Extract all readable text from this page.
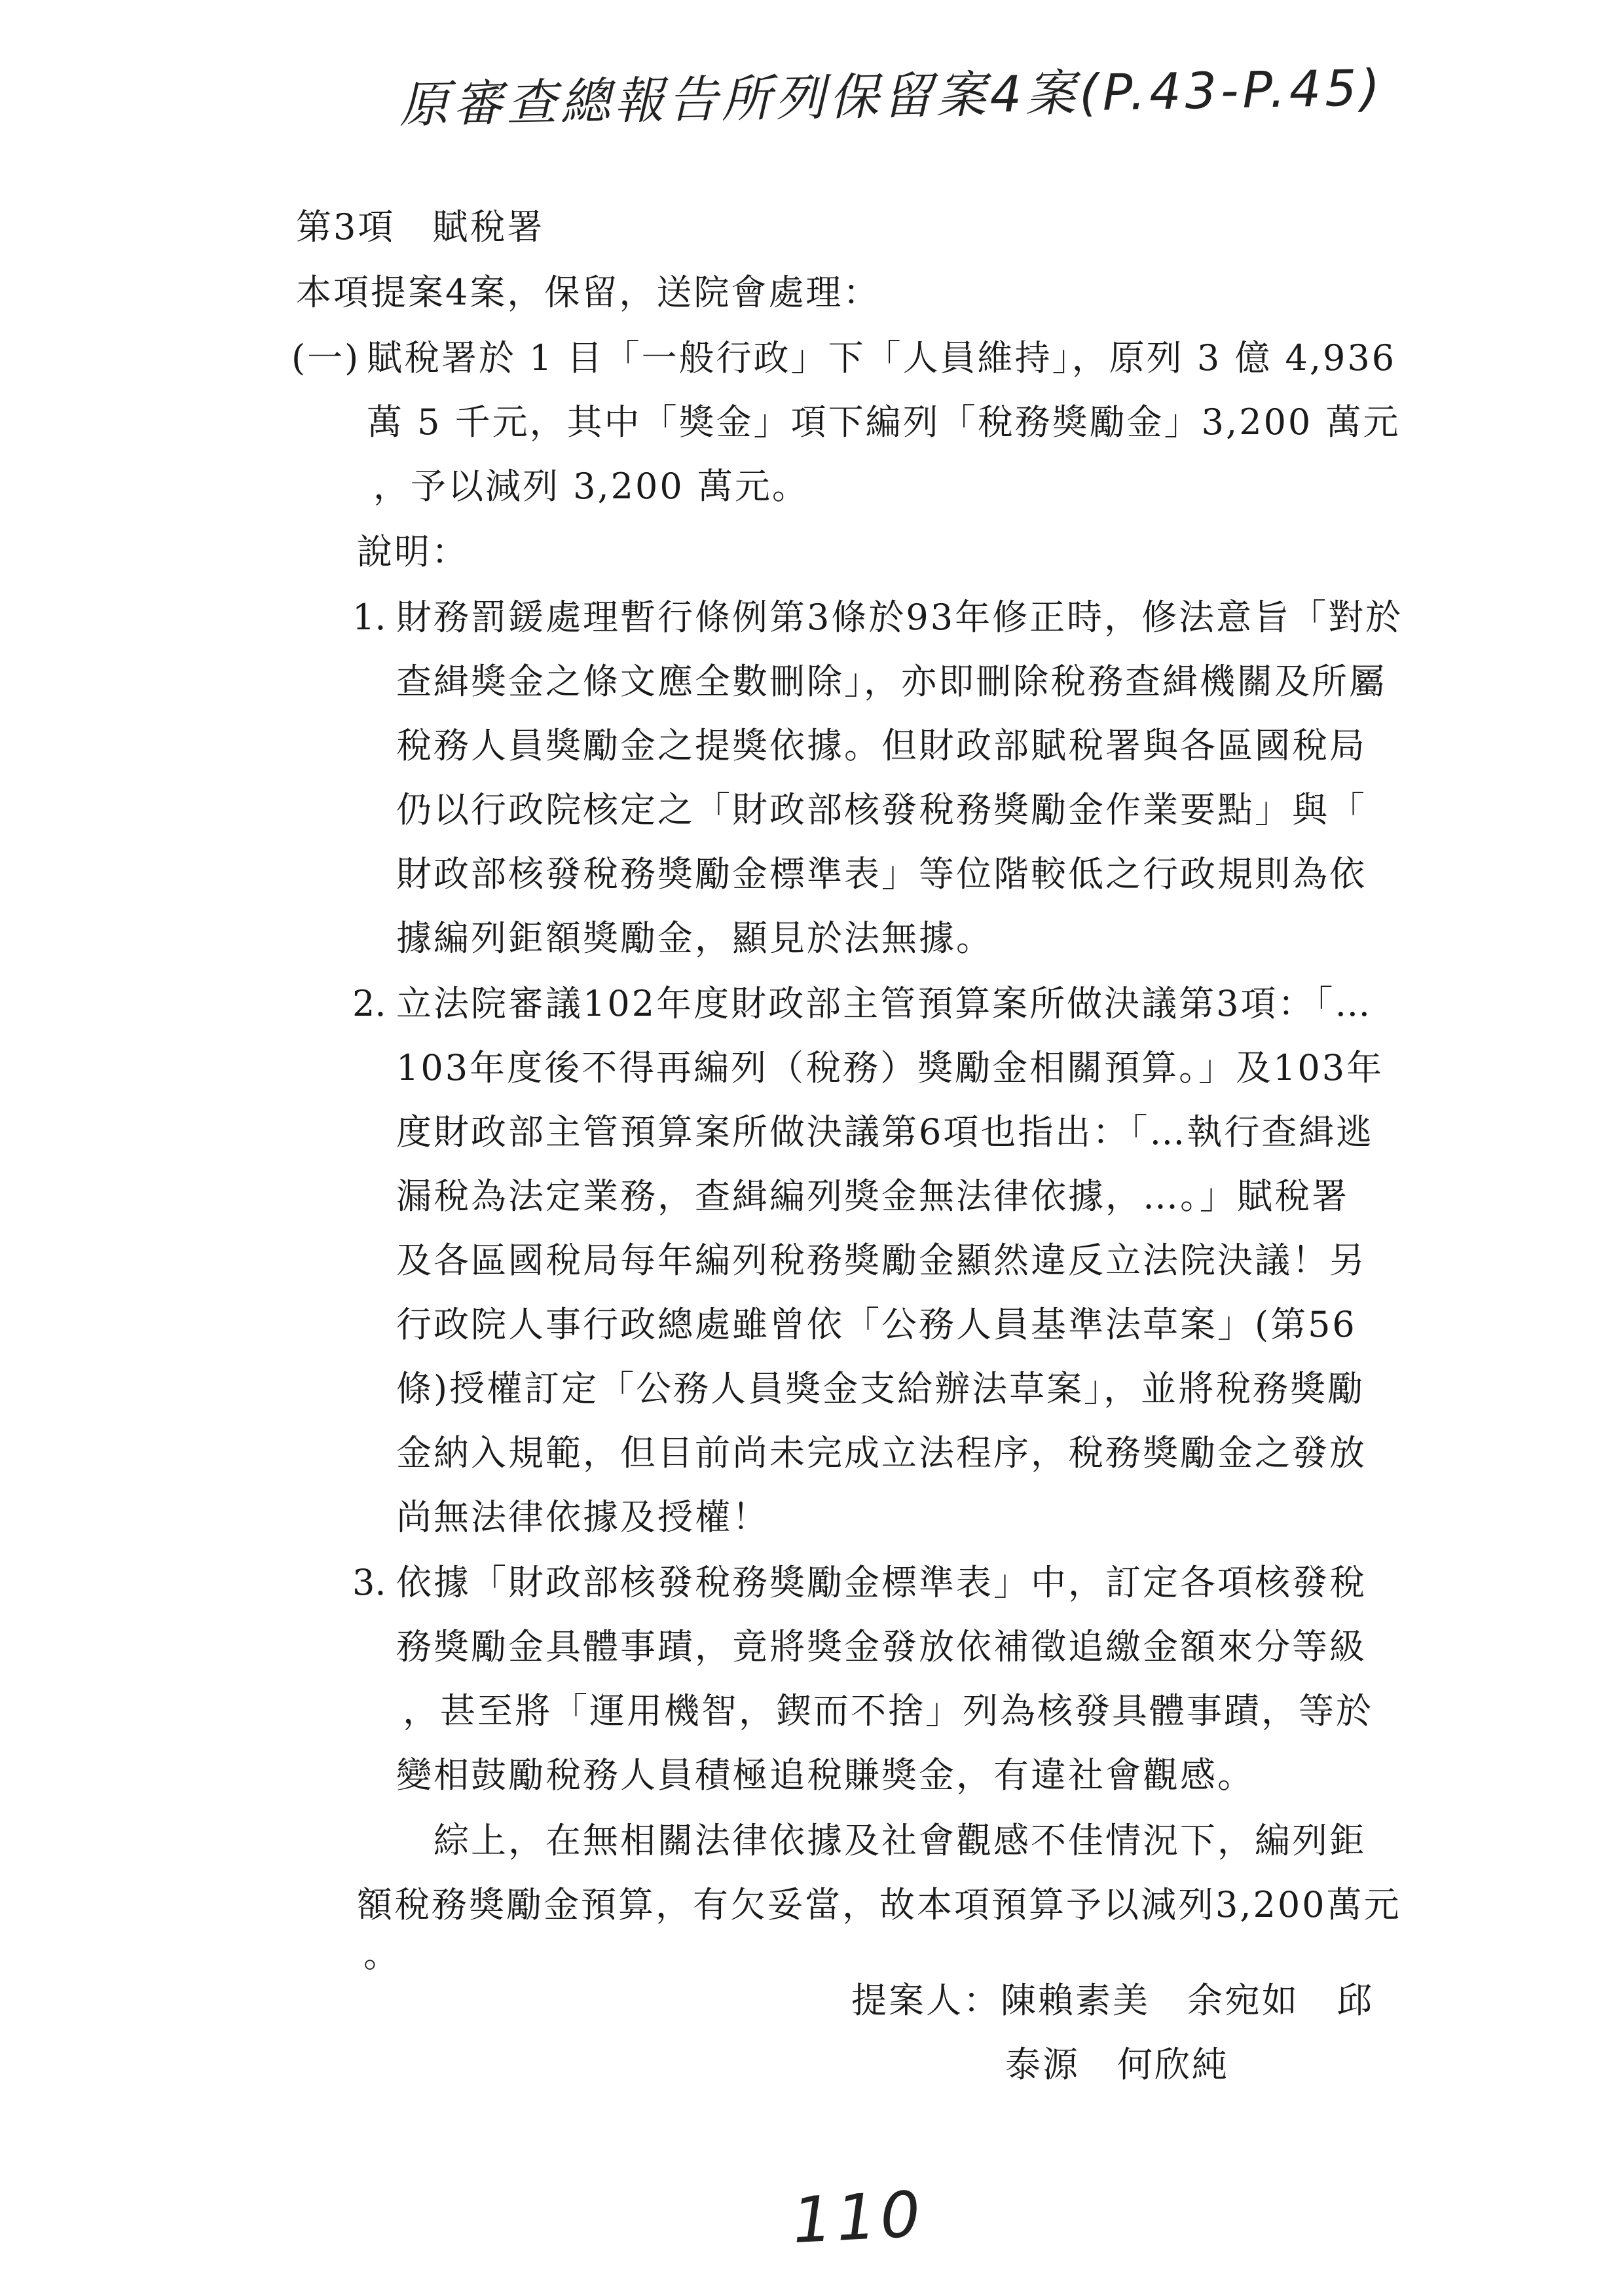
原審查總報告所列保留案4案(P.43-P.45)
第3項　賦稅署
本項提案4案，保留，送院會處理：
(一) 賦稅署於 1 目「一般行政」下「人員維持」，原列 3 億 4,936
萬 5 千元，其中「獎金」項下編列「稅務獎勵金」3,200 萬元
，予以減列 3,200 萬元。
說明：
1. 財務罰鍰處理暫行條例第3條於93年修正時，修法意旨「對於
查緝獎金之條文應全數刪除」，亦即刪除稅務查緝機關及所屬
稅務人員獎勵金之提獎依據。但財政部賦稅署與各區國稅局
仍以行政院核定之「財政部核發稅務獎勵金作業要點」與「
財政部核發稅務獎勵金標準表」等位階較低之行政規則為依
據編列鉅額獎勵金，顯見於法無據。
2. 立法院審議102年度財政部主管預算案所做決議第3項：「…
103年度後不得再編列（稅務）獎勵金相關預算。」及103年
度財政部主管預算案所做決議第6項也指出：「…執行查緝逃
漏稅為法定業務，查緝編列獎金無法律依據，…。」賦稅署
及各區國稅局每年編列稅務獎勵金顯然違反立法院決議！另
行政院人事行政總處雖曾依「公務人員基準法草案」(第56
條)授權訂定「公務人員獎金支給辦法草案」，並將稅務獎勵
金納入規範，但目前尚未完成立法程序，稅務獎勵金之發放
尚無法律依據及授權！
3. 依據「財政部核發稅務獎勵金標準表」中，訂定各項核發稅
務獎勵金具體事蹟，竟將獎金發放依補徵追繳金額來分等級
，甚至將「運用機智，鍥而不捨」列為核發具體事蹟，等於
變相鼓勵稅務人員積極追稅賺獎金，有違社會觀感。
　綜上，在無相關法律依據及社會觀感不佳情況下，編列鉅
額稅務獎勵金預算，有欠妥當，故本項預算予以減列3,200萬元
。
提案人：陳賴素美　余宛如　邱
泰源　何欣純
110
